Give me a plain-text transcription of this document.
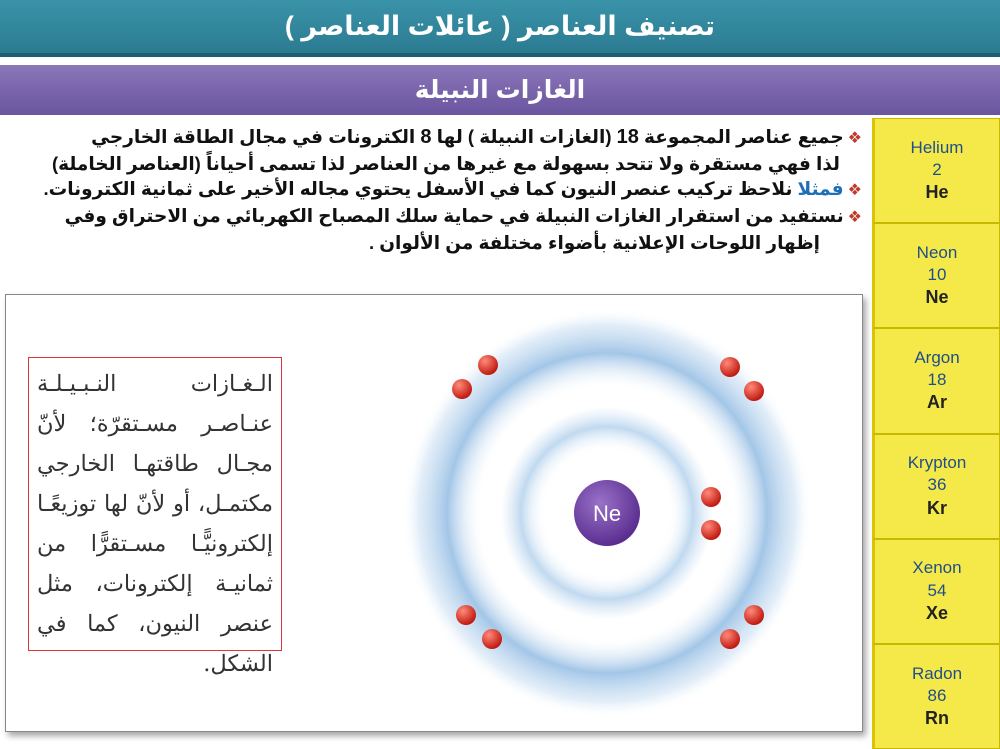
تصنيف العناصر ( عائلات العناصر )
الغازات النبيلة
❖جميع عناصر المجموعة 18 (الغازات النبيلة ) لها 8 الكترونات في مجال الطاقة الخارجي
لذا فهي مستقرة ولا تتحد بسهولة مع غيرها من العناصر لذا تسمى أحياناً (العناصر الخاملة)
❖فمثلا نلاحظ تركيب عنصر النيون كما في الأسفل يحتوي مجاله الأخير على ثمانية الكترونات.
❖نستفيد من استقرار الغازات النبيلة في حماية سلك المصباح الكهربائي من الاحتراق وفي
إظهار اللوحات الإعلانية بأضواء مختلفة من الألوان .
الـغـازات النـبـيـلـة عنـاصـر مسـتقرّة؛ لأنّ مجـال طاقتهـا الخارجي مكتمـل، أو لأنّ لها توزيعًـا إلكترونيًّـا مسـتقرًّا من ثمانيـة إلكترونات، مثل عنصر النيون، كما في الشكل.
Ne
Helium
2
He
Neon
10
Ne
Argon
18
Ar
Krypton
36
Kr
Xenon
54
Xe
Radon
86
Rn
